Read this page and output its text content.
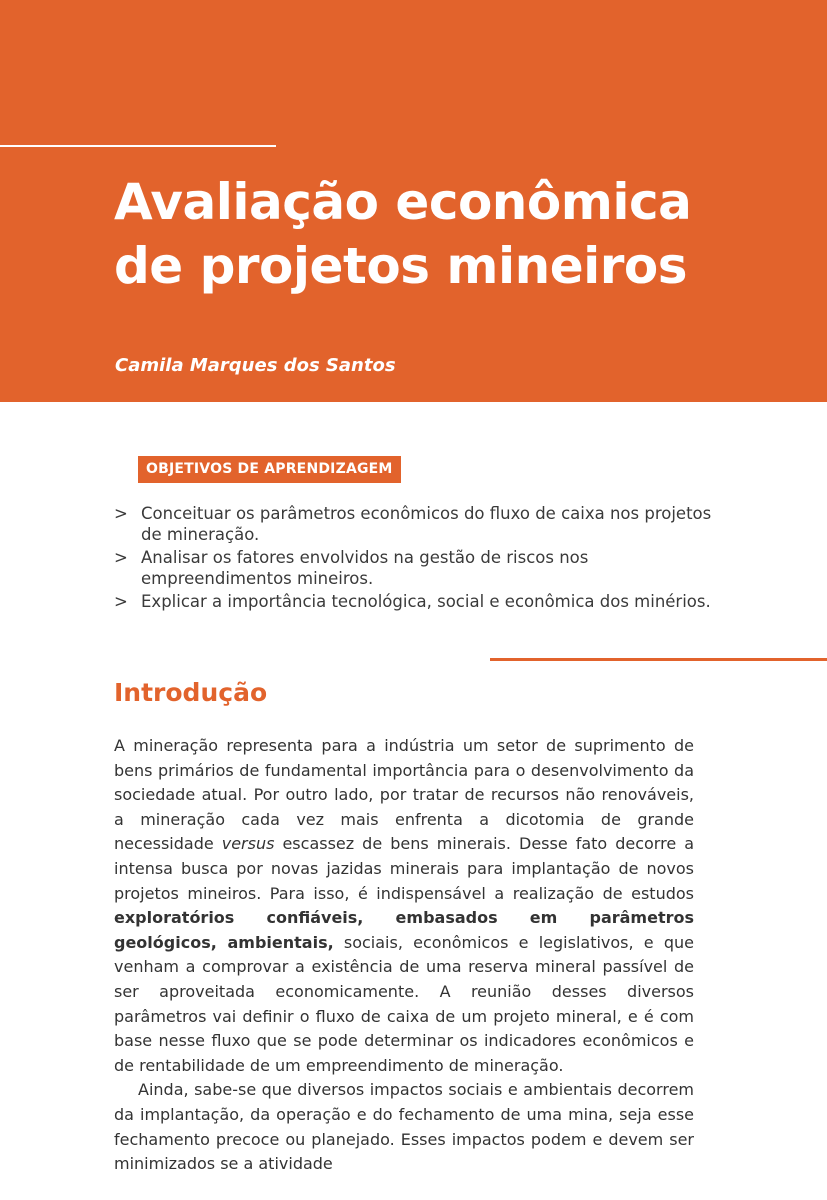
Avaliação econômica
de projetos mineiros
Camila Marques dos Santos
OBJETIVOS DE APRENDIZAGEM
> Conceituar os parâmetros econômicos do fluxo de caixa nos projetos de mineração.
> Analisar os fatores envolvidos na gestão de riscos nos empreendimentos mineiros.
> Explicar a importância tecnológica, social e econômica dos minérios.
Introdução

A mineração representa para a indústria um setor de suprimento de bens primários de fundamental importância para o desenvolvimento da sociedade atual. Por outro lado, por tratar de recursos não renováveis, a mineração cada vez mais enfrenta a dicotomia de grande necessidade versus escassez de bens minerais. Desse fato decorre a intensa busca por novas jazidas minerais para implantação de novos projetos mineiros. Para isso, é indispensável a realização de estudos exploratórios confiáveis, embasados em parâmetros geológicos, ambientais, sociais, econômicos e legislativos, e que venham a comprovar a existência de uma reserva mineral passível de ser aproveitada economicamente. A reunião desses diversos parâmetros vai definir o fluxo de caixa de um projeto mineral, e é com base nesse fluxo que se pode determinar os indicadores econômicos e de rentabilidade de um empreendimento de mineração.

Ainda, sabe-se que diversos impactos sociais e ambientais decorrem da implantação, da operação e do fechamento de uma mina, seja esse fechamento precoce ou planejado. Esses impactos podem e devem ser minimizados se a atividade
